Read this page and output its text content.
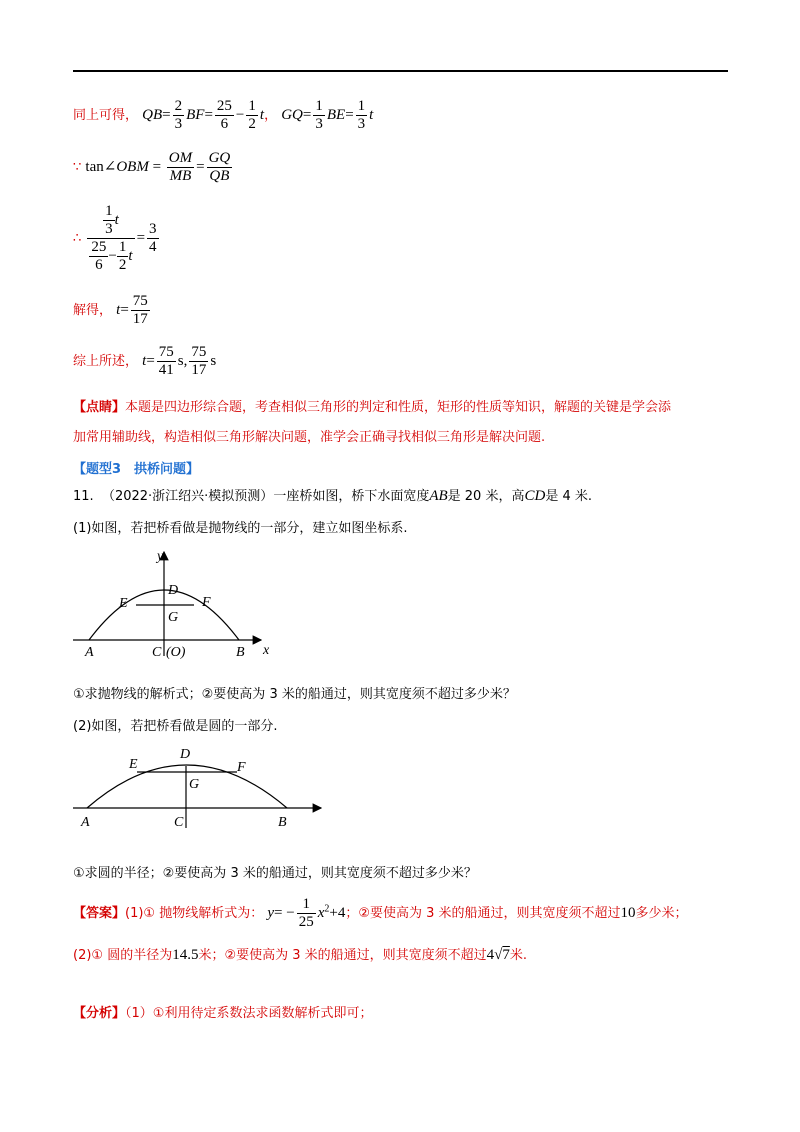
同上可得， $QB= \frac{2}{3} BF= \frac{25}{6} - \frac{1}{2}$ t， $GQ= \frac{1}{3} BE= \frac{1}{3}$ t
∵ tan∠OBM = $\frac{OM}{MB} = \frac{GQ}{QB}$
∴ $\frac{\frac{1}{3} t}{\frac{25}{6} - \frac{1}{2} t} = \frac{3}{4}$
解得， $t= \frac{75}{17}$
综上所述， $t= \frac{75}{41} s$, $\frac{75}{17}$ s
【点睛】本题是四边形综合题，考查相似三角形的判定和性质，矩形的性质等知识，解题的关键是学会添
加常用辅助线，构造相似三角形解决问题，准学会正确寻找相似三角形是解决问题.
【题型3　拱桥问题】
11. （2022·浙江绍兴·模拟预测）一座桥如图，桥下水面宽度AB是 20 米，高CD是 4 米.
(1)如图，若把桥看做是抛物线的一部分，建立如图坐标系.
y
x
D
E	F
G
A	C (O)	B
①求抛物线的解析式；②要使高为 3 米的船通过，则其宽度须不超过多少米？
(2)如图，若把桥看做是圆的一部分.
D
E	F
G
A	C	B
①求圆的半径；②要使高为 3 米的船通过，则其宽度须不超过多少米？
【答案】(1)① 抛物线解析式为： $y= - \frac{1}{25} x^2+4$；②要使高为 3 米的船通过，则其宽度须不超过10多少米；
(2)① 圆的半径为14.5米；②要使高为 3 米的船通过，则其宽度须不超过4√7米.
【分析】（1）①利用待定系数法求函数解析式即可；
